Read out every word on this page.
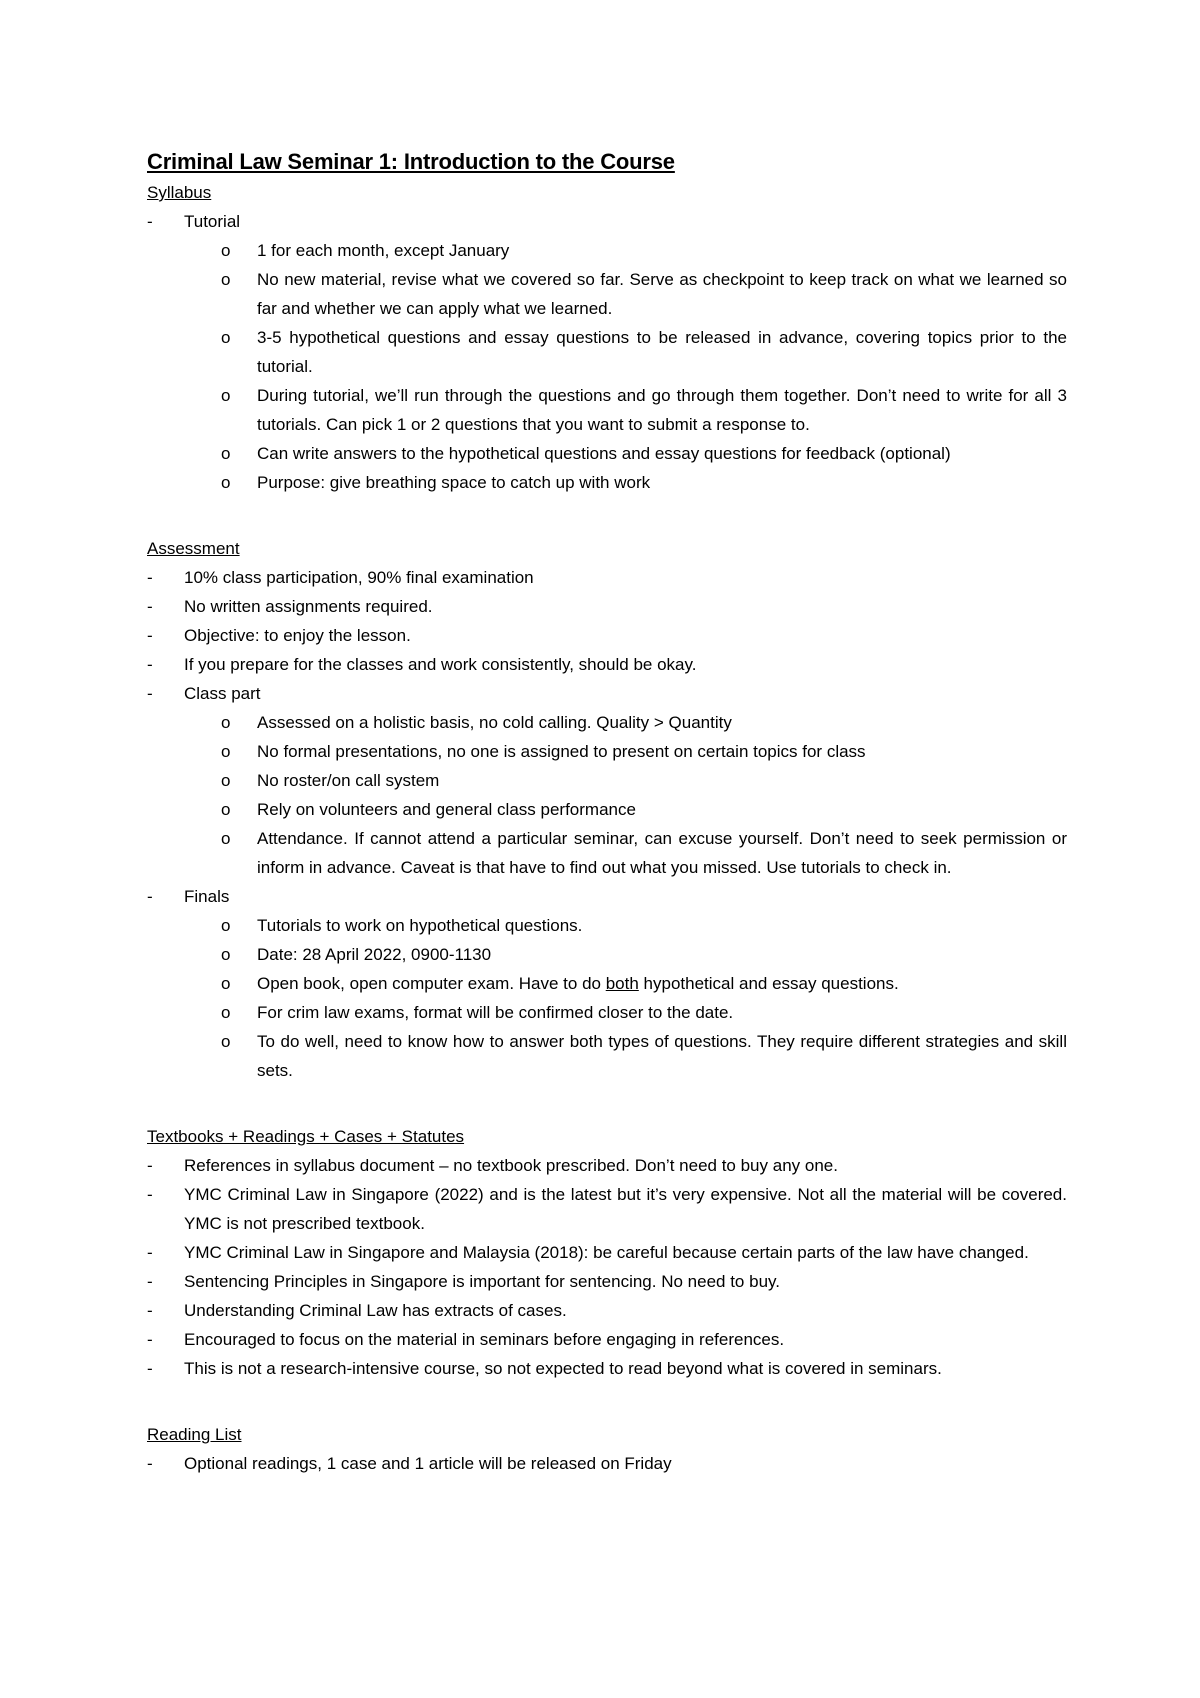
Criminal Law Seminar 1: Introduction to the Course
Syllabus
-	Tutorial
o	1 for each month, except January
o	No new material, revise what we covered so far. Serve as checkpoint to keep track on what we learned so far and whether we can apply what we learned.
o	3-5 hypothetical questions and essay questions to be released in advance, covering topics prior to the tutorial.
o	During tutorial, we’ll run through the questions and go through them together. Don’t need to write for all 3 tutorials. Can pick 1 or 2 questions that you want to submit a response to.
o	Can write answers to the hypothetical questions and essay questions for feedback (optional)
o	Purpose: give breathing space to catch up with work
Assessment
-	10% class participation, 90% final examination
-	No written assignments required.
-	Objective: to enjoy the lesson.
-	If you prepare for the classes and work consistently, should be okay.
-	Class part
o	Assessed on a holistic basis, no cold calling. Quality > Quantity
o	No formal presentations, no one is assigned to present on certain topics for class
o	No roster/on call system
o	Rely on volunteers and general class performance
o	Attendance. If cannot attend a particular seminar, can excuse yourself. Don’t need to seek permission or inform in advance. Caveat is that have to find out what you missed. Use tutorials to check in.
-	Finals
o	Tutorials to work on hypothetical questions.
o	Date: 28 April 2022, 0900-1130
o	Open book, open computer exam. Have to do both hypothetical and essay questions.
o	For crim law exams, format will be confirmed closer to the date.
o	To do well, need to know how to answer both types of questions. They require different strategies and skill sets.
Textbooks + Readings + Cases + Statutes
-	References in syllabus document – no textbook prescribed. Don’t need to buy any one.
-	YMC Criminal Law in Singapore (2022) and is the latest but it’s very expensive. Not all the material will be covered. YMC is not prescribed textbook.
-	YMC Criminal Law in Singapore and Malaysia (2018): be careful because certain parts of the law have changed.
-	Sentencing Principles in Singapore is important for sentencing. No need to buy.
-	Understanding Criminal Law has extracts of cases.
-	Encouraged to focus on the material in seminars before engaging in references.
-	This is not a research-intensive course, so not expected to read beyond what is covered in seminars.
Reading List
-	Optional readings, 1 case and 1 article will be released on Friday
